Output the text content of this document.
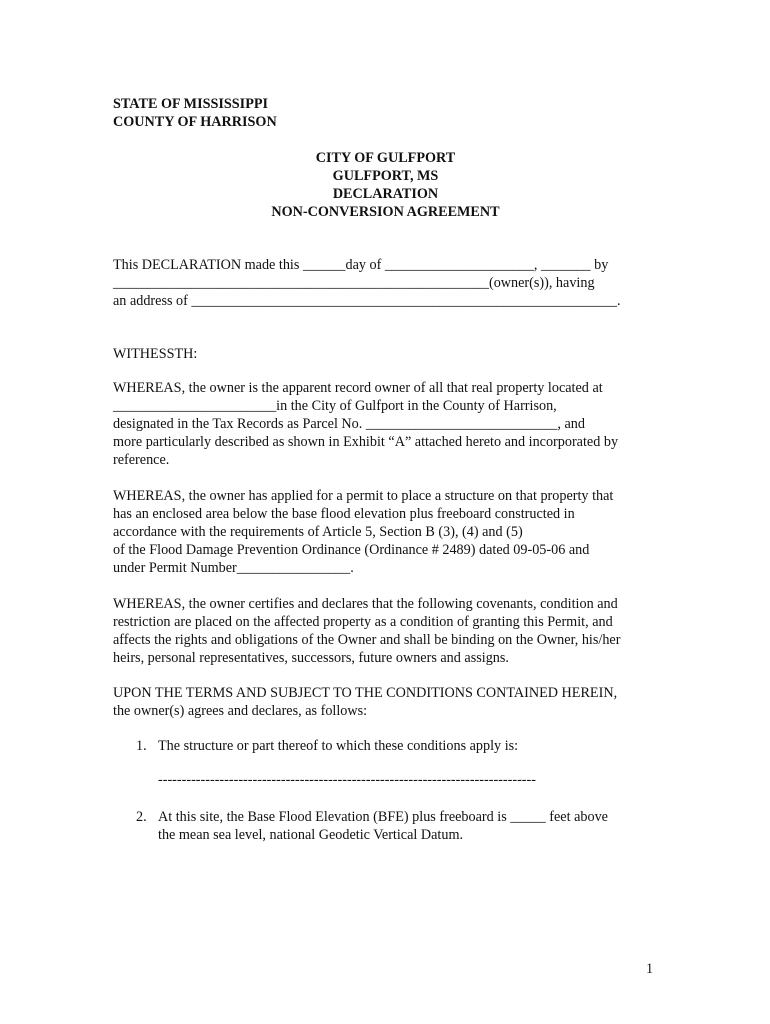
STATE OF MISSISSIPPI
COUNTY OF HARRISON
CITY OF GULFPORT
GULFPORT, MS
DECLARATION
NON-CONVERSION AGREEMENT
This DECLARATION made this ______day of _____________________, _______ by
_____________________________________________________(owner(s)), having
an address of ____________________________________________________________.
WITHESSTH:
WHEREAS, the owner is the apparent record owner of all that real property located at
_______________________in the City of Gulfport in the County of Harrison,
designated in the Tax Records as Parcel No. ___________________________, and
more particularly described as shown in Exhibit “A” attached hereto and incorporated by
reference.
WHEREAS, the owner has applied for a permit to place a structure on that property that
has an enclosed area below the base flood elevation plus freeboard constructed in
accordance with the requirements of Article 5, Section B (3), (4) and (5)
of the Flood Damage Prevention Ordinance (Ordinance # 2489) dated 09-05-06 and
under Permit Number________________.
WHEREAS, the owner certifies and declares that the following covenants, condition and
restriction are placed on the affected property as a condition of granting this Permit, and
affects the rights and obligations of the Owner and shall be binding on the Owner, his/her
heirs, personal representatives, successors, future owners and assigns.
UPON THE TERMS AND SUBJECT TO THE CONDITIONS CONTAINED HEREIN,
the owner(s) agrees and declares, as follows:
1. The structure or part thereof to which these conditions apply is:
--------------------------------------------------------------------------------
2. At this site, the Base Flood Elevation (BFE) plus freeboard is _____ feet above
the mean sea level, national Geodetic Vertical Datum.
1
